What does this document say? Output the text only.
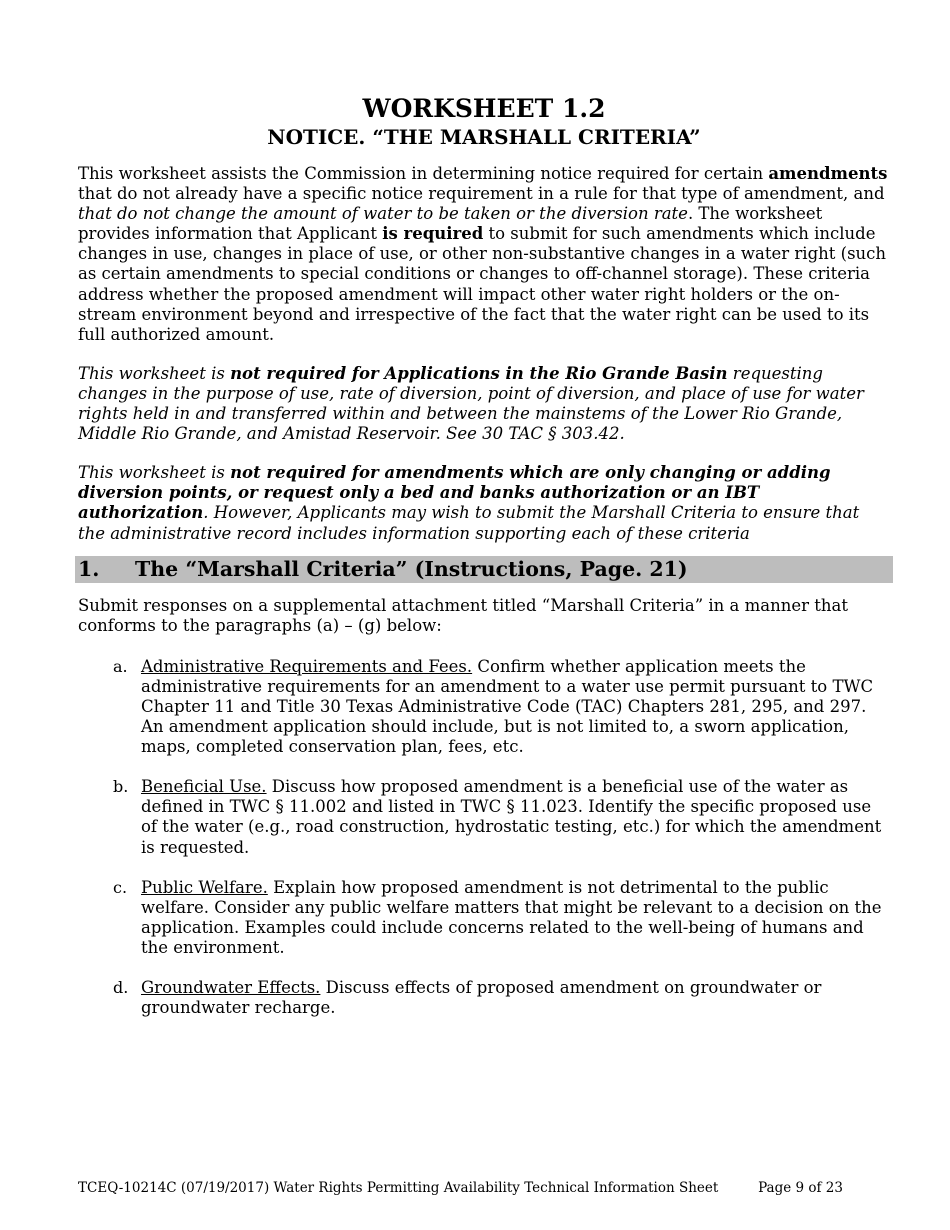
WORKSHEET 1.2
NOTICE. “THE MARSHALL CRITERIA”

This worksheet assists the Commission in determining notice required for certain amendments that do not already have a specific notice requirement in a rule for that type of amendment, and that do not change the amount of water to be taken or the diversion rate. The worksheet provides information that Applicant is required to submit for such amendments which include changes in use, changes in place of use, or other non-substantive changes in a water right (such as certain amendments to special conditions or changes to off-channel storage). These criteria address whether the proposed amendment will impact other water right holders or the on-stream environment beyond and irrespective of the fact that the water right can be used to its full authorized amount.

This worksheet is not required for Applications in the Rio Grande Basin requesting changes in the purpose of use, rate of diversion, point of diversion, and place of use for water rights held in and transferred within and between the mainstems of the Lower Rio Grande, Middle Rio Grande, and Amistad Reservoir. See 30 TAC § 303.42.

This worksheet is not required for amendments which are only changing or adding diversion points, or request only a bed and banks authorization or an IBT authorization. However, Applicants may wish to submit the Marshall Criteria to ensure that the administrative record includes information supporting each of these criteria

1. The “Marshall Criteria” (Instructions, Page. 21)

Submit responses on a supplemental attachment titled “Marshall Criteria” in a manner that conforms to the paragraphs (a) – (g) below:

a. Administrative Requirements and Fees. Confirm whether application meets the administrative requirements for an amendment to a water use permit pursuant to TWC Chapter 11 and Title 30 Texas Administrative Code (TAC) Chapters 281, 295, and 297. An amendment application should include, but is not limited to, a sworn application, maps, completed conservation plan, fees, etc.

b. Beneficial Use. Discuss how proposed amendment is a beneficial use of the water as defined in TWC § 11.002 and listed in TWC § 11.023. Identify the specific proposed use of the water (e.g., road construction, hydrostatic testing, etc.) for which the amendment is requested.

c. Public Welfare. Explain how proposed amendment is not detrimental to the public welfare. Consider any public welfare matters that might be relevant to a decision on the application. Examples could include concerns related to the well-being of humans and the environment.

d. Groundwater Effects. Discuss effects of proposed amendment on groundwater or groundwater recharge.

TCEQ-10214C (07/19/2017) Water Rights Permitting Availability Technical Information Sheet	Page 9 of 23
